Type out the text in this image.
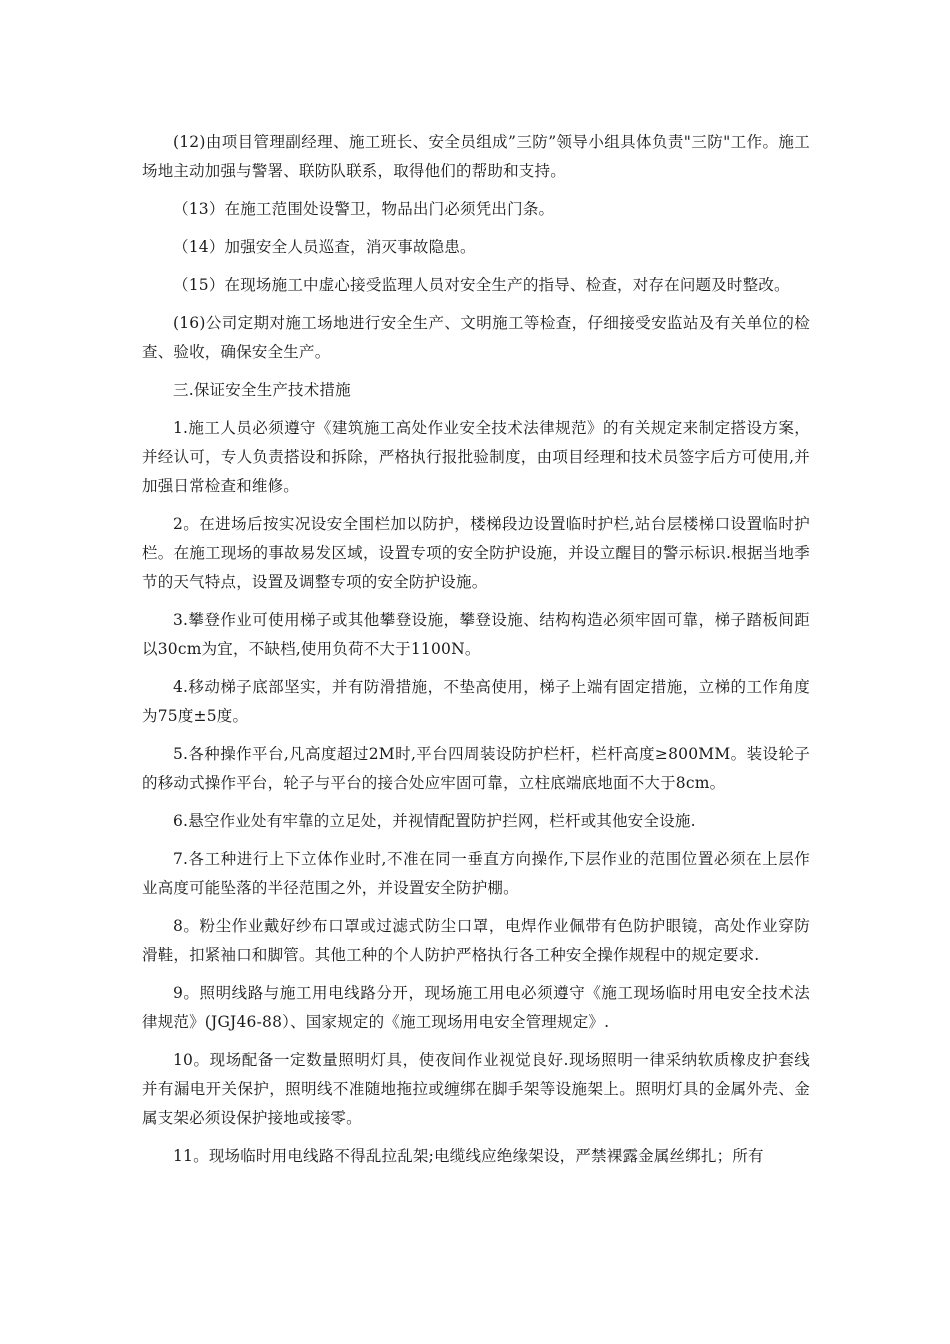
(12)由项目管理副经理、施工班长、安全员组成”三防”领导小组具体负责"三防"工作。施工场地主动加强与警署、联防队联系，取得他们的帮助和支持。

（13）在施工范围处设警卫，物品出门必须凭出门条。

（14）加强安全人员巡查，消灭事故隐患。

（15）在现场施工中虚心接受监理人员对安全生产的指导、检查，对存在问题及时整改。

(16)公司定期对施工场地进行安全生产、文明施工等检查，仔细接受安监站及有关单位的检查、验收，确保安全生产。

三.保证安全生产技术措施

1.施工人员必须遵守《建筑施工高处作业安全技术法律规范》的有关规定来制定搭设方案，并经认可，专人负责搭设和拆除，严格执行报批验制度，由项目经理和技术员签字后方可使用,并加强日常检查和维修。

2。在进场后按实况设安全围栏加以防护，楼梯段边设置临时护栏,站台层楼梯口设置临时护栏。在施工现场的事故易发区域，设置专项的安全防护设施，并设立醒目的警示标识.根据当地季节的天气特点，设置及调整专项的安全防护设施。

3.攀登作业可使用梯子或其他攀登设施，攀登设施、结构构造必须牢固可靠，梯子踏板间距以30cm为宜，不缺档,使用负荷不大于1100N。

4.移动梯子底部坚实，并有防滑措施，不垫高使用，梯子上端有固定措施，立梯的工作角度为75度±5度。

5.各种操作平台,凡高度超过2M时,平台四周装设防护栏杆，栏杆高度≥800MM。装设轮子的移动式操作平台，轮子与平台的接合处应牢固可靠，立柱底端底地面不大于8cm。

6.悬空作业处有牢靠的立足处，并视情配置防护拦网，栏杆或其他安全设施.

7.各工种进行上下立体作业时,不准在同一垂直方向操作,下层作业的范围位置必须在上层作业高度可能坠落的半径范围之外，并设置安全防护棚。

8。粉尘作业戴好纱布口罩或过滤式防尘口罩，电焊作业佩带有色防护眼镜，高处作业穿防滑鞋，扣紧袖口和脚管。其他工种的个人防护严格执行各工种安全操作规程中的规定要求.

9。照明线路与施工用电线路分开，现场施工用电必须遵守《施工现场临时用电安全技术法律规范》(JGJ46-88）、国家规定的《施工现场用电安全管理规定》.

10。现场配备一定数量照明灯具，使夜间作业视觉良好.现场照明一律采纳软质橡皮护套线并有漏电开关保护，照明线不准随地拖拉或缠绑在脚手架等设施架上。照明灯具的金属外壳、金属支架必须设保护接地或接零。

11。现场临时用电线路不得乱拉乱架;电缆线应绝缘架设，严禁裸露金属丝绑扎；所有
